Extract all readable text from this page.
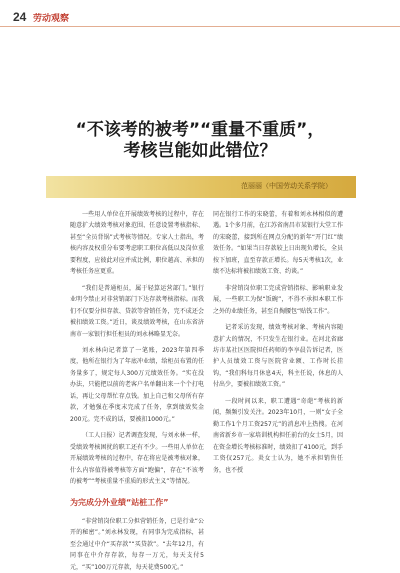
24 劳动观察
“不该考的被考”“重量不重质”，
考核岂能如此错位？
范丽丽（中国劳动关系学院）

一些用人单位在开展绩效考核的过程中，存在随意扩大绩效考核对象范围、任意设置考核指标、甚至“全员背锅”式考核等情况。专家人士指出，考核内容及权重分布要考虑职工职位高低以及岗位重要程度，应彼此对应并成比例，职位越高、承担的考核任务应更重。

“我们是普通柜员，属于轻算运营部门。”银行业明令禁止对非营销部门下达存款考核指标。而我们不仅要分担存款、贷款等营销任务，完不成还会被扣绩效工资。”近日，谈及绩效考核，在山东省济南市一家银行担任柜员的刘永林略显无奈。

刘永林向记者算了一笔账，2023年第四季度，他所在银行为了年底冲业绩，给柜员布置的任务量多了，规定每人300万元绩效任务。“实在没办法，只能把以前的老客户名单翻出来一个个打电话，再让父母帮忙存点钱。加上自己和父母所有存款，才勉强在季度末完成了任务，拿到绩效奖金200元。完不成的话，要被扣1000元。”

（工人日报）记者调查发现，与刘永林一样，受绩效考核困扰的职工还有不少。一些用人单位在开展绩效考核的过程中，存在将应是被考核对象，什么内容值得被考核等方面“跑偏”，存在“不该考的被考”“考核重量不重质的形式主义”等情况。

为完成分外业绩“站桩工作”

“非营销岗位职工分担营销任务，已是行业“公开的秘密”。”刘永林发现，有同事为完成指标，甚至会通过中介“买存款”“买贷款”。“去年12月，有同事在中介存存款，每存一万元，每天支付5元，“买”100万元存款，每天花费500元。”

同在银行工作的宋晓蕾，有着和刘永林相似的遭遇。1个多月前，在江苏省南昌市某银行大堂工作的宋晓蕾，接到所在网点分配的新年“开门红”绩效任务。“如果当日存款较上日出现负增长，全员按下加班，直至存款正增长。每5天考核1次，业绩不达标将被扣绩效工资、约谈。”

非营销岗位职工完成营销指标、影响职业发展，一些职工为保“饭碗”，不得不承担本职工作之外的业绩任务，甚至自掏腰包“贴钱工作”。

记者采访发现，绩效考核对象、考核内容随意扩大的情况，不只发生在银行业。在河北省廊坊市某社区医院担任药师的李享晨告诉记者，医护人员绩效工资与医院营业额、工作时长挂钩，“我们科每月休息4天，科主任说，休息的人付出少，要被扣绩效工资。”

一段时间以来，职工遭遇“奇葩”考核的新闻，频频引发关注。2023年10月，一则“女子全勤工作1个月工资257元”的消息冲上热搜。在河南省新乡市一家培训机构担任前台的女士5月，因在资金增长考核标准时，绩效扣了4100元，到手工资仅257元。炎女士认为，她不承担销售任务，也不授
